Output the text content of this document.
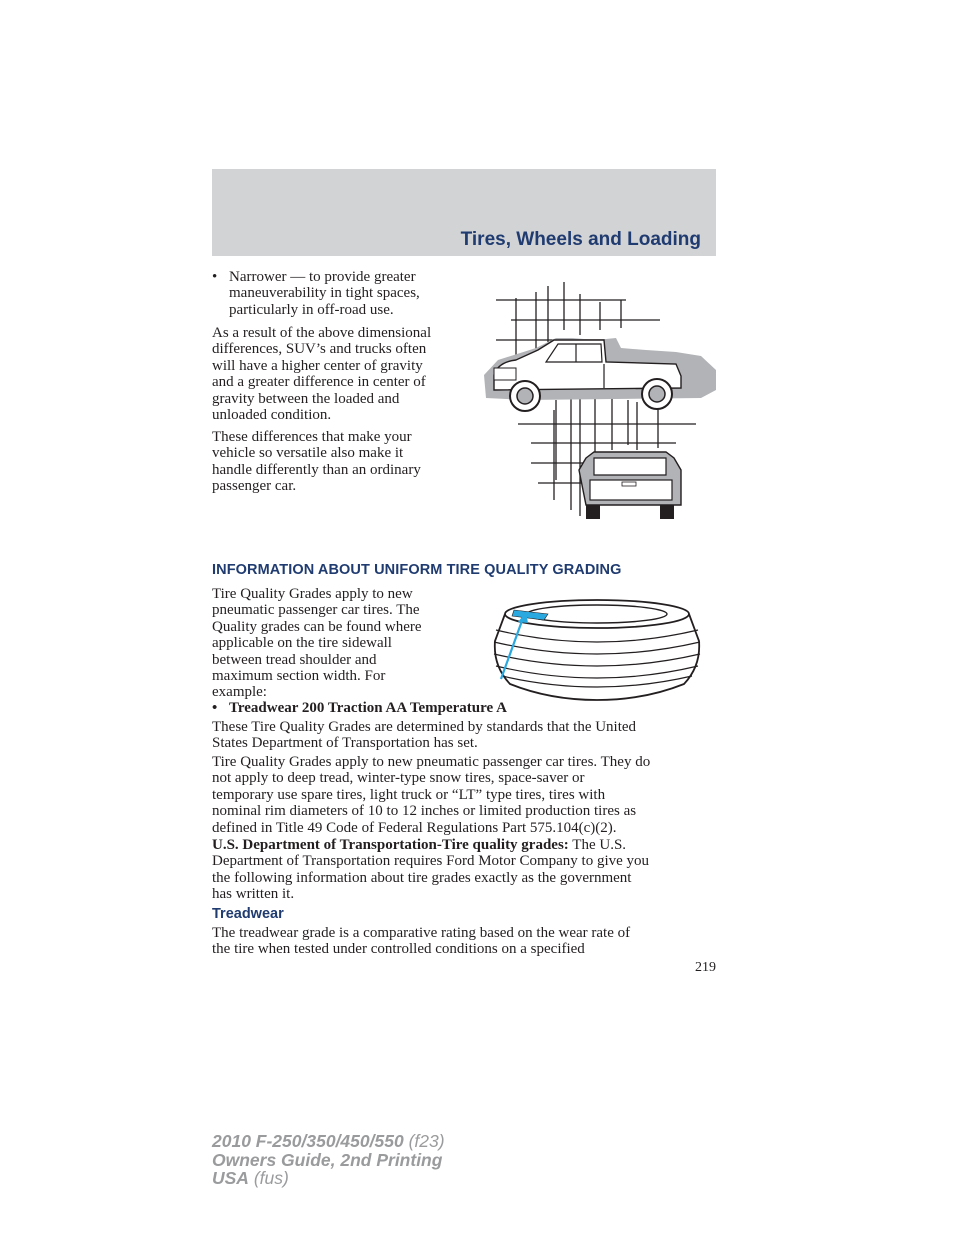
Tires, Wheels and Loading
• Narrower — to provide greater
maneuverability in tight spaces,
particularly in off-road use.
As a result of the above dimensional
differences, SUV’s and trucks often
will have a higher center of gravity
and a greater difference in center of
gravity between the loaded and
unloaded condition.
These differences that make your
vehicle so versatile also make it
handle differently than an ordinary
passenger car.
INFORMATION ABOUT UNIFORM TIRE QUALITY GRADING
Tire Quality Grades apply to new
pneumatic passenger car tires. The
Quality grades can be found where
applicable on the tire sidewall
between tread shoulder and
maximum section width. For
example:
• Treadwear 200 Traction AA Temperature A
These Tire Quality Grades are determined by standards that the United
States Department of Transportation has set.
Tire Quality Grades apply to new pneumatic passenger car tires. They do
not apply to deep tread, winter-type snow tires, space-saver or
temporary use spare tires, light truck or “LT” type tires, tires with
nominal rim diameters of 10 to 12 inches or limited production tires as
defined in Title 49 Code of Federal Regulations Part 575.104(c)(2).
U.S. Department of Transportation-Tire quality grades: The U.S.
Department of Transportation requires Ford Motor Company to give you
the following information about tire grades exactly as the government
has written it.
Treadwear
The treadwear grade is a comparative rating based on the wear rate of
the tire when tested under controlled conditions on a specified
219
2010 F-250/350/450/550 (f23)
Owners Guide, 2nd Printing
USA (fus)
